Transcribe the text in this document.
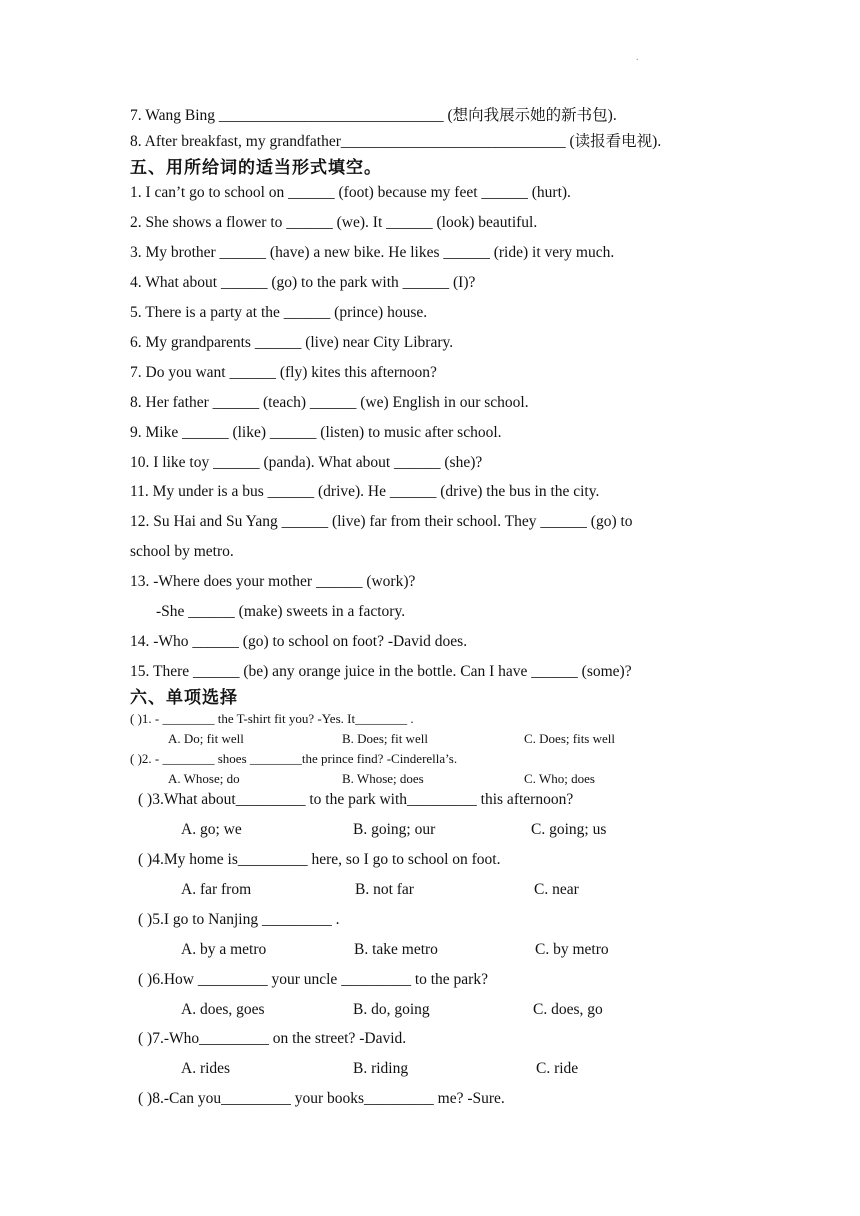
.
7. Wang Bing _____________________________ (想向我展示她的新书包).
8. After breakfast, my grandfather_____________________________ (读报看电视).
五、用所给词的适当形式填空。
1. I can’t go to school on ______ (foot) because my feet ______ (hurt).
2. She shows a flower to ______ (we). It ______ (look) beautiful.
3. My brother ______ (have) a new bike. He likes ______ (ride) it very much.
4. What about ______ (go) to the park with ______ (I)?
5. There is a party at the ______ (prince) house.
6. My grandparents ______ (live) near City Library.
7. Do you want ______ (fly) kites this afternoon?
8. Her father ______ (teach) ______ (we) English in our school.
9. Mike ______ (like) ______ (listen) to music after school.
10. I like toy ______ (panda). What about ______ (she)?
11. My under is a bus ______ (drive). He ______ (drive) the bus in the city.
12. Su Hai and Su Yang ______ (live) far from their school. They ______ (go) to
school by metro.
13. -Where does your mother ______ (work)?
-She ______ (make) sweets in a factory.
14. -Who ______ (go) to school on foot? -David does.
15. There ______ (be) any orange juice in the bottle. Can I have ______ (some)?
六、单项选择
( )1. - ________ the T-shirt fit you? -Yes. It________ .
A. Do; fit well	B. Does; fit well	C. Does; fits well
( )2. - ________ shoes ________the prince find? -Cinderella’s.
A. Whose; do	B. Whose; does	C. Who; does
( )3.What about_________ to the park with_________ this afternoon?
A. go; we	B. going; our	C. going; us
( )4.My home is_________ here, so I go to school on foot.
A. far from	B. not far	C. near
( )5.I go to Nanjing _________ .
A. by a metro	B. take metro	C. by metro
( )6.How _________ your uncle _________ to the park?
A. does, goes	B. do, going	C. does, go
( )7.-Who_________ on the street? -David.
A. rides	B. riding	C. ride
( )8.-Can you_________ your books_________ me? -Sure.
